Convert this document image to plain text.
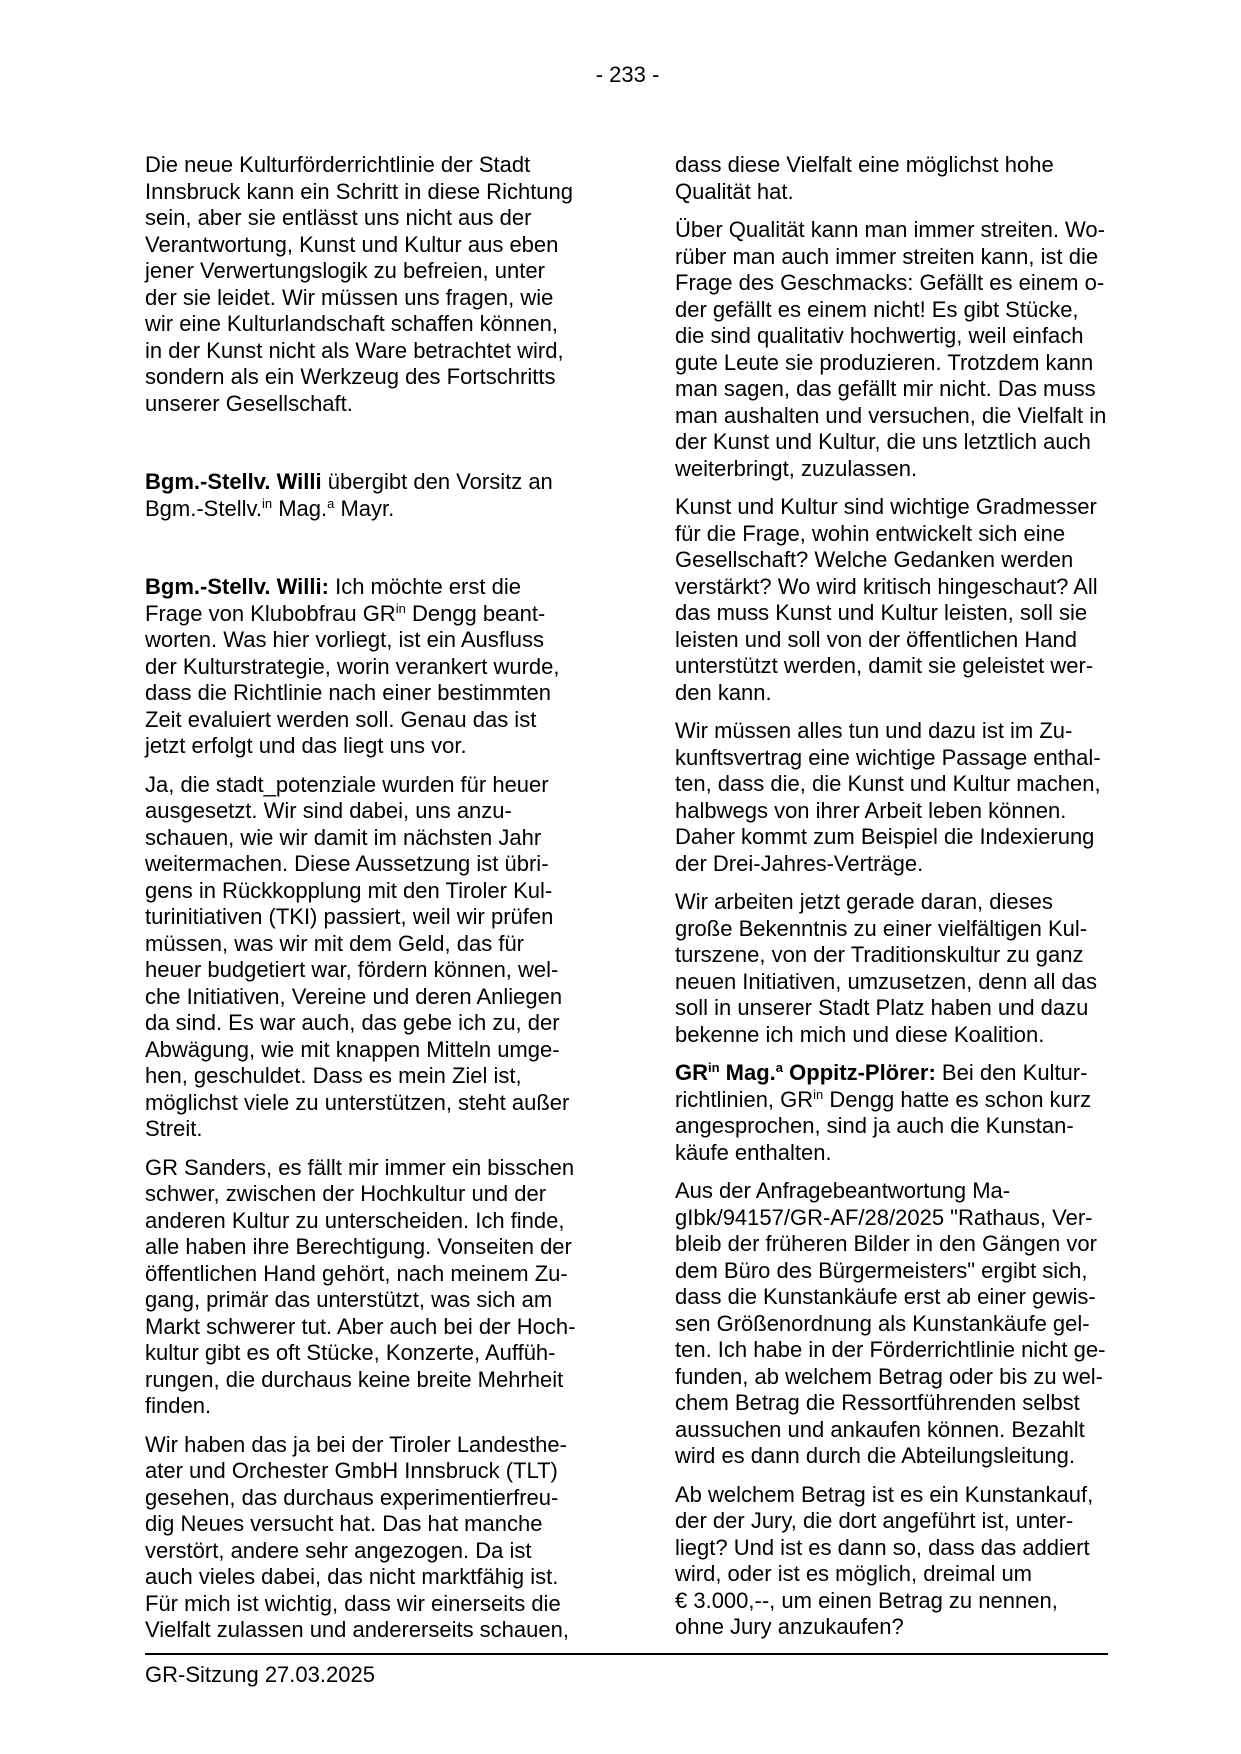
- 233 -

Die neue Kulturförderrichtlinie der Stadt
Innsbruck kann ein Schritt in diese Richtung
sein, aber sie entlässt uns nicht aus der
Verantwortung, Kunst und Kultur aus eben
jener Verwertungslogik zu befreien, unter
der sie leidet. Wir müssen uns fragen, wie
wir eine Kulturlandschaft schaffen können,
in der Kunst nicht als Ware betrachtet wird,
sondern als ein Werkzeug des Fortschritts
unserer Gesellschaft.

Bgm.-Stellv. Willi übergibt den Vorsitz an
Bgm.-Stellv.$^{in}$ Mag.$^a$ Mayr.

Bgm.-Stellv. Willi: Ich möchte erst die
Frage von Klubobfrau $GR^{in}$ Dengg beant-
worten. Was hier vorliegt, ist ein Ausfluss
der Kulturstrategie, worin verankert wurde,
dass die Richtlinie nach einer bestimmten
Zeit evaluiert werden soll. Genau das ist
jetzt erfolgt und das liegt uns vor.

Ja, die stadt_potenziale wurden für heuer
ausgesetzt. Wir sind dabei, uns anzu-
schauen, wie wir damit im nächsten Jahr
weitermachen. Diese Aussetzung ist übri-
gens in Rückkopplung mit den Tiroler Kul-
turinitiativen (TKI) passiert, weil wir prüfen
müssen, was wir mit dem Geld, das für
heuer budgetiert war, fördern können, wel-
che Initiativen, Vereine und deren Anliegen
da sind. Es war auch, das gebe ich zu, der
Abwägung, wie mit knappen Mitteln umge-
hen, geschuldet. Dass es mein Ziel ist,
möglichst viele zu unterstützen, steht außer
Streit.

GR Sanders, es fällt mir immer ein bisschen
schwer, zwischen der Hochkultur und der
anderen Kultur zu unterscheiden. Ich finde,
alle haben ihre Berechtigung. Vonseiten der
öffentlichen Hand gehört, nach meinem Zu-
gang, primär das unterstützt, was sich am
Markt schwerer tut. Aber auch bei der Hoch-
kultur gibt es oft Stücke, Konzerte, Auffüh-
rungen, die durchaus keine breite Mehrheit
finden.

Wir haben das ja bei der Tiroler Landesthe-
ater und Orchester GmbH Innsbruck (TLT)
gesehen, das durchaus experimentierfreu-
dig Neues versucht hat. Das hat manche
verstört, andere sehr angezogen. Da ist
auch vieles dabei, das nicht marktfähig ist.
Für mich ist wichtig, dass wir einerseits die
Vielfalt zulassen und andererseits schauen,

dass diese Vielfalt eine möglichst hohe
Qualität hat.

Über Qualität kann man immer streiten. Wo-
rüber man auch immer streiten kann, ist die
Frage des Geschmacks: Gefällt es einem o-
der gefällt es einem nicht! Es gibt Stücke,
die sind qualitativ hochwertig, weil einfach
gute Leute sie produzieren. Trotzdem kann
man sagen, das gefällt mir nicht. Das muss
man aushalten und versuchen, die Vielfalt in
der Kunst und Kultur, die uns letztlich auch
weiterbringt, zuzulassen.

Kunst und Kultur sind wichtige Gradmesser
für die Frage, wohin entwickelt sich eine
Gesellschaft? Welche Gedanken werden
verstärkt? Wo wird kritisch hingeschaut? All
das muss Kunst und Kultur leisten, soll sie
leisten und soll von der öffentlichen Hand
unterstützt werden, damit sie geleistet wer-
den kann.

Wir müssen alles tun und dazu ist im Zu-
kunftsvertrag eine wichtige Passage enthal-
ten, dass die, die Kunst und Kultur machen,
halbwegs von ihrer Arbeit leben können.
Daher kommt zum Beispiel die Indexierung
der Drei-Jahres-Verträge.

Wir arbeiten jetzt gerade daran, dieses
große Bekenntnis zu einer vielfältigen Kul-
turszene, von der Traditionskultur zu ganz
neuen Initiativen, umzusetzen, denn all das
soll in unserer Stadt Platz haben und dazu
bekenne ich mich und diese Koalition.

$GR^{in}$ Mag.$^a$ Oppitz-Plörer: Bei den Kultur-
richtlinien, $GR^{in}$ Dengg hatte es schon kurz
angesprochen, sind ja auch die Kunstan-
käufe enthalten.

Aus der Anfragebeantwortung Ma-
gIbk/94157/GR-AF/28/2025 "Rathaus, Ver-
bleib der früheren Bilder in den Gängen vor
dem Büro des Bürgermeisters" ergibt sich,
dass die Kunstankäufe erst ab einer gewis-
sen Größenordnung als Kunstankäufe gel-
ten. Ich habe in der Förderrichtlinie nicht ge-
funden, ab welchem Betrag oder bis zu wel-
chem Betrag die Ressortführenden selbst
aussuchen und ankaufen können. Bezahlt
wird es dann durch die Abteilungsleitung.

Ab welchem Betrag ist es ein Kunstankauf,
der der Jury, die dort angeführt ist, unter-
liegt? Und ist es dann so, dass das addiert
wird, oder ist es möglich, dreimal um
€ 3.000,--, um einen Betrag zu nennen,
ohne Jury anzukaufen?

GR-Sitzung 27.03.2025
